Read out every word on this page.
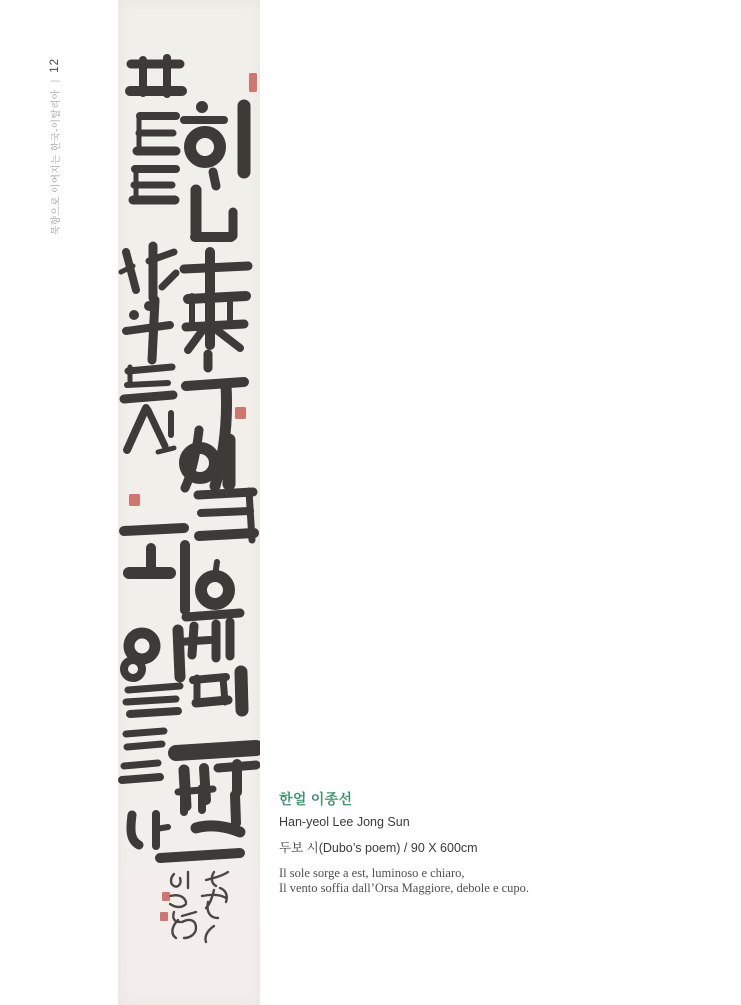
묵향으로 이어지는 한국-이탈리아
|
12

한얼 이종선

Han-yeol Lee Jong Sun

두보 시(Dubo’s poem) / 90 X 600cm

Il sole sorge a est, luminoso e chiaro,

Il vento soffia dall’Orsa Maggiore, debole e cupo.
